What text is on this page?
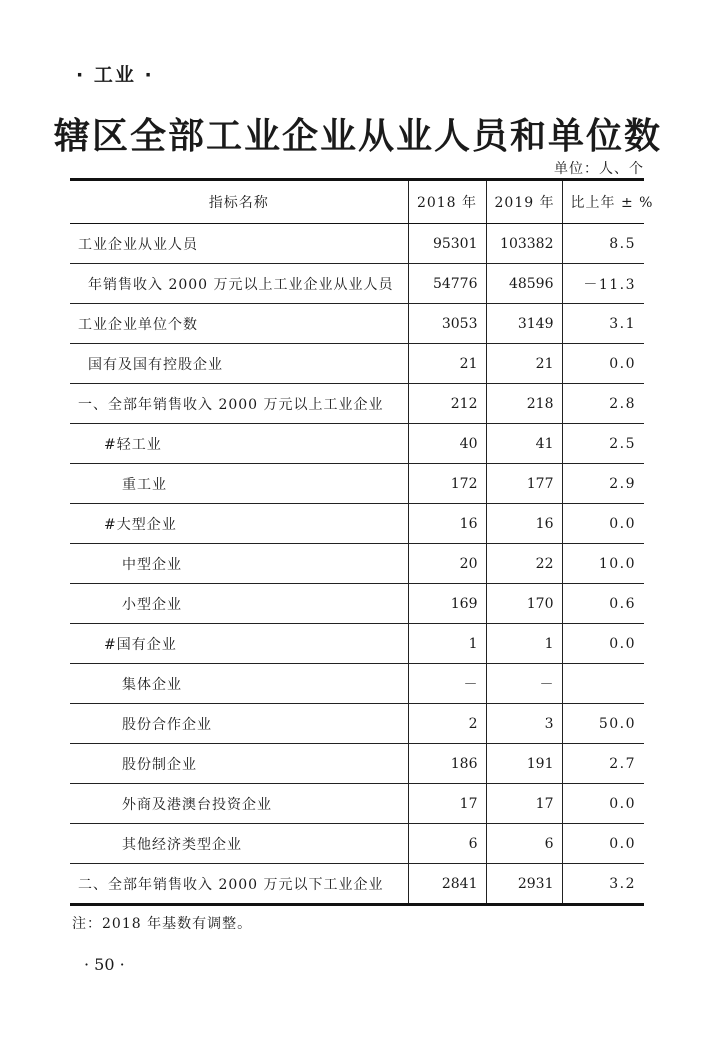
· 工业 ·
辖区全部工业企业从业人员和单位数
单位：人、个
指标名称	2018 年	2019 年	比上年 ± %
工业企业从业人员	95301	103382	8.5
年销售收入 2000 万元以上工业企业从业人员	54776	48596	－11.3
工业企业单位个数	3053	3149	3.1
国有及国有控股企业	21	21	0.0
一、全部年销售收入 2000 万元以上工业企业	212	218	2.8
#轻工业	40	41	2.5
重工业	172	177	2.9
#大型企业	16	16	0.0
中型企业	20	22	10.0
小型企业	169	170	0.6
#国有企业	1	1	0.0
集体企业	－	－	
股份合作企业	2	3	50.0
股份制企业	186	191	2.7
外商及港澳台投资企业	17	17	0.0
其他经济类型企业	6	6	0.0
二、全部年销售收入 2000 万元以下工业企业	2841	2931	3.2
注：2018 年基数有调整。
· 50 ·
